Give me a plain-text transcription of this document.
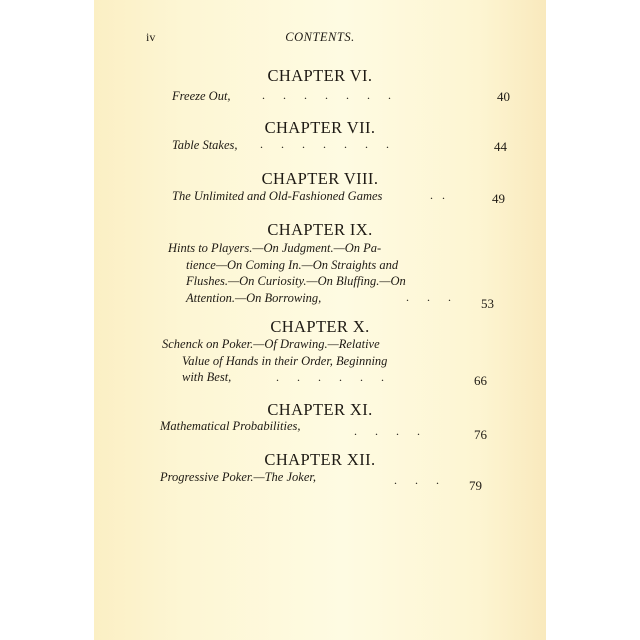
iv	CONTENTS.
CHAPTER VI.
Freeze Out,	.      .      .      .      .      .      .	40
CHAPTER VII.
Table Stakes, .      .      .      .      .      .      .	44
CHAPTER VIII.
The Unlimited and Old-Fashioned Games	.   .	49
CHAPTER IX.
Hints to Players.—On Judgment.—On Pa-
tience—On Coming In.—On Straights and
Flushes.—On Curiosity.—On Bluffing.—On
Attention.—On Borrowing,	.      .      . 53
CHAPTER X.
Schenck on Poker.—Of Drawing.—Relative
Value of Hands in their Order, Beginning
with Best,	.      .      .      .      .      .	66
CHAPTER XI.
Mathematical Probabilities,	.      .      .      .	76
CHAPTER XII.
Progressive Poker.—The Joker,	.      .      . 79
